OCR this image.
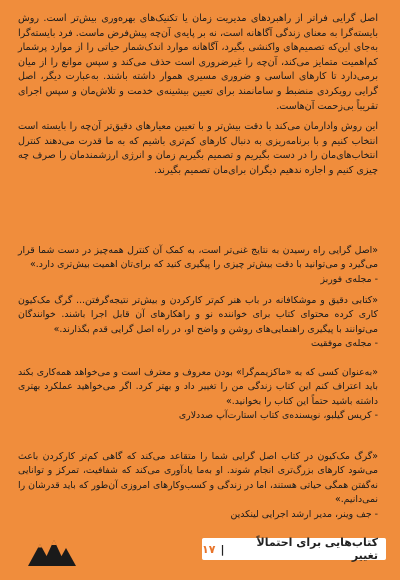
اصل گرایی فراتر از راهبردهای مدیریت زمان یا تکنیک‌های بهره‌وری بیش‌تر است. روش بایسته‌گرا به معنای زندگی آگاهانه است، نه بر پایه‌ی آن‌چه پیش‌فرض ماست. فرد بایسته‌گرا به‌جای این‌که تصمیم‌های واکنشی بگیرد، آگاهانه موارد اندک‌شمار حیاتی را از موارد پرشمار کم‌اهمیت متمایز می‌کند، آن‌چه را غیرضروری است حذف می‌کند و سپس موانع را از میان برمی‌دارد تا کارهای اساسی و ضروری مسیری هموار داشته باشند. به‌عبارت دیگر، اصل گرایی رویکردی منضبط و سامانمند برای تعیین بیشینه‌ی خدمت و تلاش‌مان و سپس اجرای تقریباً بی‌زحمت آن‌هاست.

این روش وادارمان می‌کند با دقت بیش‌تر و با تعیین معیارهای دقیق‌تر آن‌چه را بایسته است انتخاب کنیم و با برنامه‌ریزی به دنبال کارهای کم‌تری باشیم که به ما قدرت می‌دهند کنترل انتخاب‌های‌مان را در دست بگیریم و تصمیم بگیریم زمان و انرژی ارزشمندمان را صرف چه چیزی کنیم و اجازه ندهیم دیگران برای‌مان تصمیم بگیرند.

«اصل گرایی راه رسیدن به نتایج غنی‌تر است، به کمک آن کنترل همه‌چیز در دست شما قرار می‌گیرد و می‌توانید با دقت بیش‌تر چیزی را پیگیری کنید که برای‌تان اهمیت بیش‌تری دارد.»
- مجله‌ی فوربز
«کتابی دقیق و موشکافانه در باب هنر کم‌تر کارکردن و بیش‌تر نتیجه‌گرفتن... گرگ مک‌کیون کاری کرده محتوای کتاب برای خواننده نو و راهکارهای آن قابل اجرا باشند. خوانندگان می‌توانند با پیگیری راهنمایی‌های روشن و واضح او، در راه اصل گرایی قدم بگذارند.»
- مجله‌ی موفقیت
«به‌عنوان کسی که به «ماکزیمم‌گرا» بودن معروف و معترف است و می‌خواهد همه‌کاری بکند باید اعتراف کنم این کتاب زندگی من را تغییر داد و بهتر کرد. اگر می‌خواهید عملکرد بهتری داشته باشید حتماً این کتاب را بخوانید.»
- کریس گیلبو، نویسنده‌ی کتاب استارت‌آپ صددلاری
«گرگ مک‌کیون در کتاب اصل گرایی شما را متقاعد می‌کند که گاهی کم‌تر کارکردن باعث می‌شود کارهای بزرگ‌تری انجام شوند. او به‌ما یادآوری می‌کند که شفافیت، تمرکز و توانایی نه‌گفتن همگی حیاتی هستند، اما در زندگی و کسب‌وکارهای امروزی آن‌طور که باید قدرشان را نمی‌دانیم.»
- جف وینر، مدیر ارشد اجرایی لینکدین
۱۷ |	کتاب‌هایی برای احتمالاً تغییر
